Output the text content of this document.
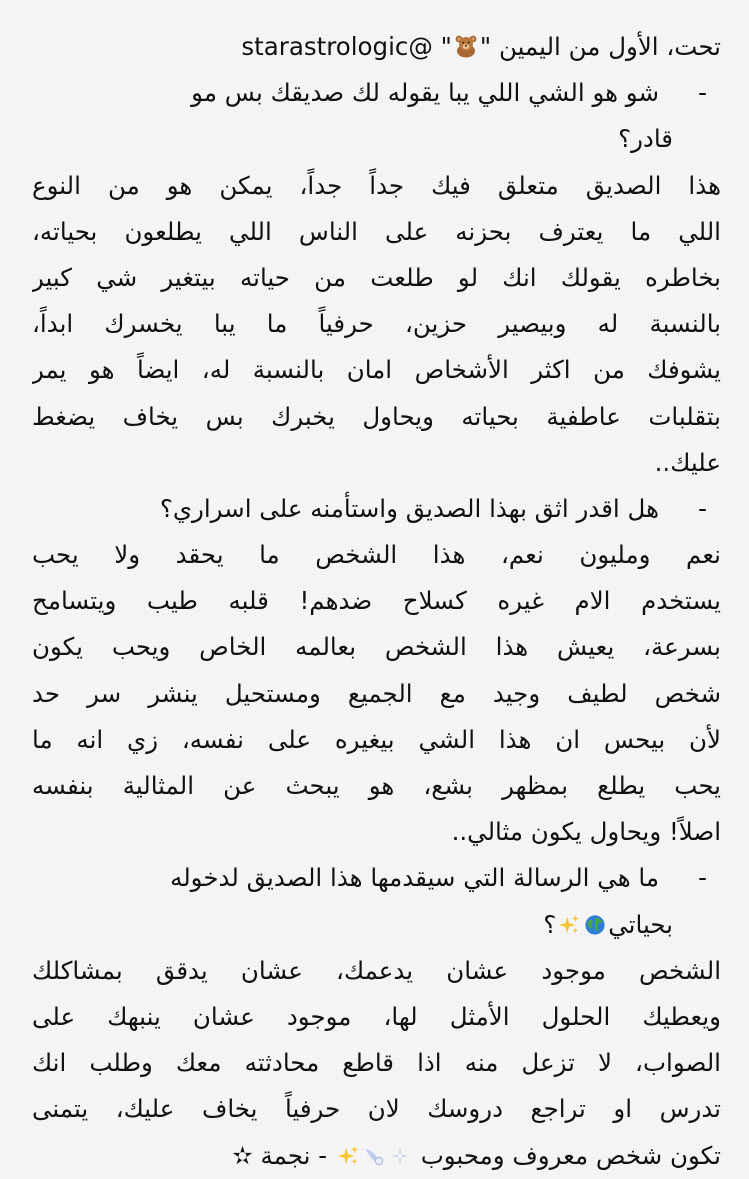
تحت، الأول من اليمين "" @starastrologic
-
شو هو الشي اللي يبا يقوله لك صديقك بس مو
قادر؟
هذا الصديق متعلق فيك جداً جداً، يمكن هو من النوع
اللي ما يعترف بحزنه على الناس اللي يطلعون بحياته،
بخاطره يقولك انك لو طلعت من حياته بيتغير شي كبير
بالنسبة له وبيصير حزين، حرفياً ما يبا يخسرك ابداً،
يشوفك من اكثر الأشخاص امان بالنسبة له، ايضاً هو يمر
بتقلبات عاطفية بحياته ويحاول يخبرك بس يخاف يضغط
عليك..
-
هل اقدر اثق بهذا الصديق واستأمنه على اسراري؟
نعم ومليون نعم، هذا الشخص ما يحقد ولا يحب
يستخدم الام غيره كسلاح ضدهم! قلبه طيب ويتسامح
بسرعة، يعيش هذا الشخص بعالمه الخاص ويحب يكون
شخص لطيف وجيد مع الجميع ومستحيل ينشر سر حد
لأن بيحس ان هذا الشي بيغيره على نفسه، زي انه ما
يحب يطلع بمظهر بشع، هو يبحث عن المثالية بنفسه
اصلاً! ويحاول يكون مثالي..
-
ما هي الرسالة التي سيقدمها هذا الصديق لدخوله
بحياتي؟
الشخص موجود عشان يدعمك، عشان يدقق بمشاكلك
ويعطيك الحلول الأمثل لها، موجود عشان ينبهك على
الصواب، لا تزعل منه اذا قاطع محادثته معك وطلب انك
تدرس او تراجع دروسك لان حرفياً يخاف عليك، يتمنى
تكون شخص معروف ومحبوب  - نجمة ✫
